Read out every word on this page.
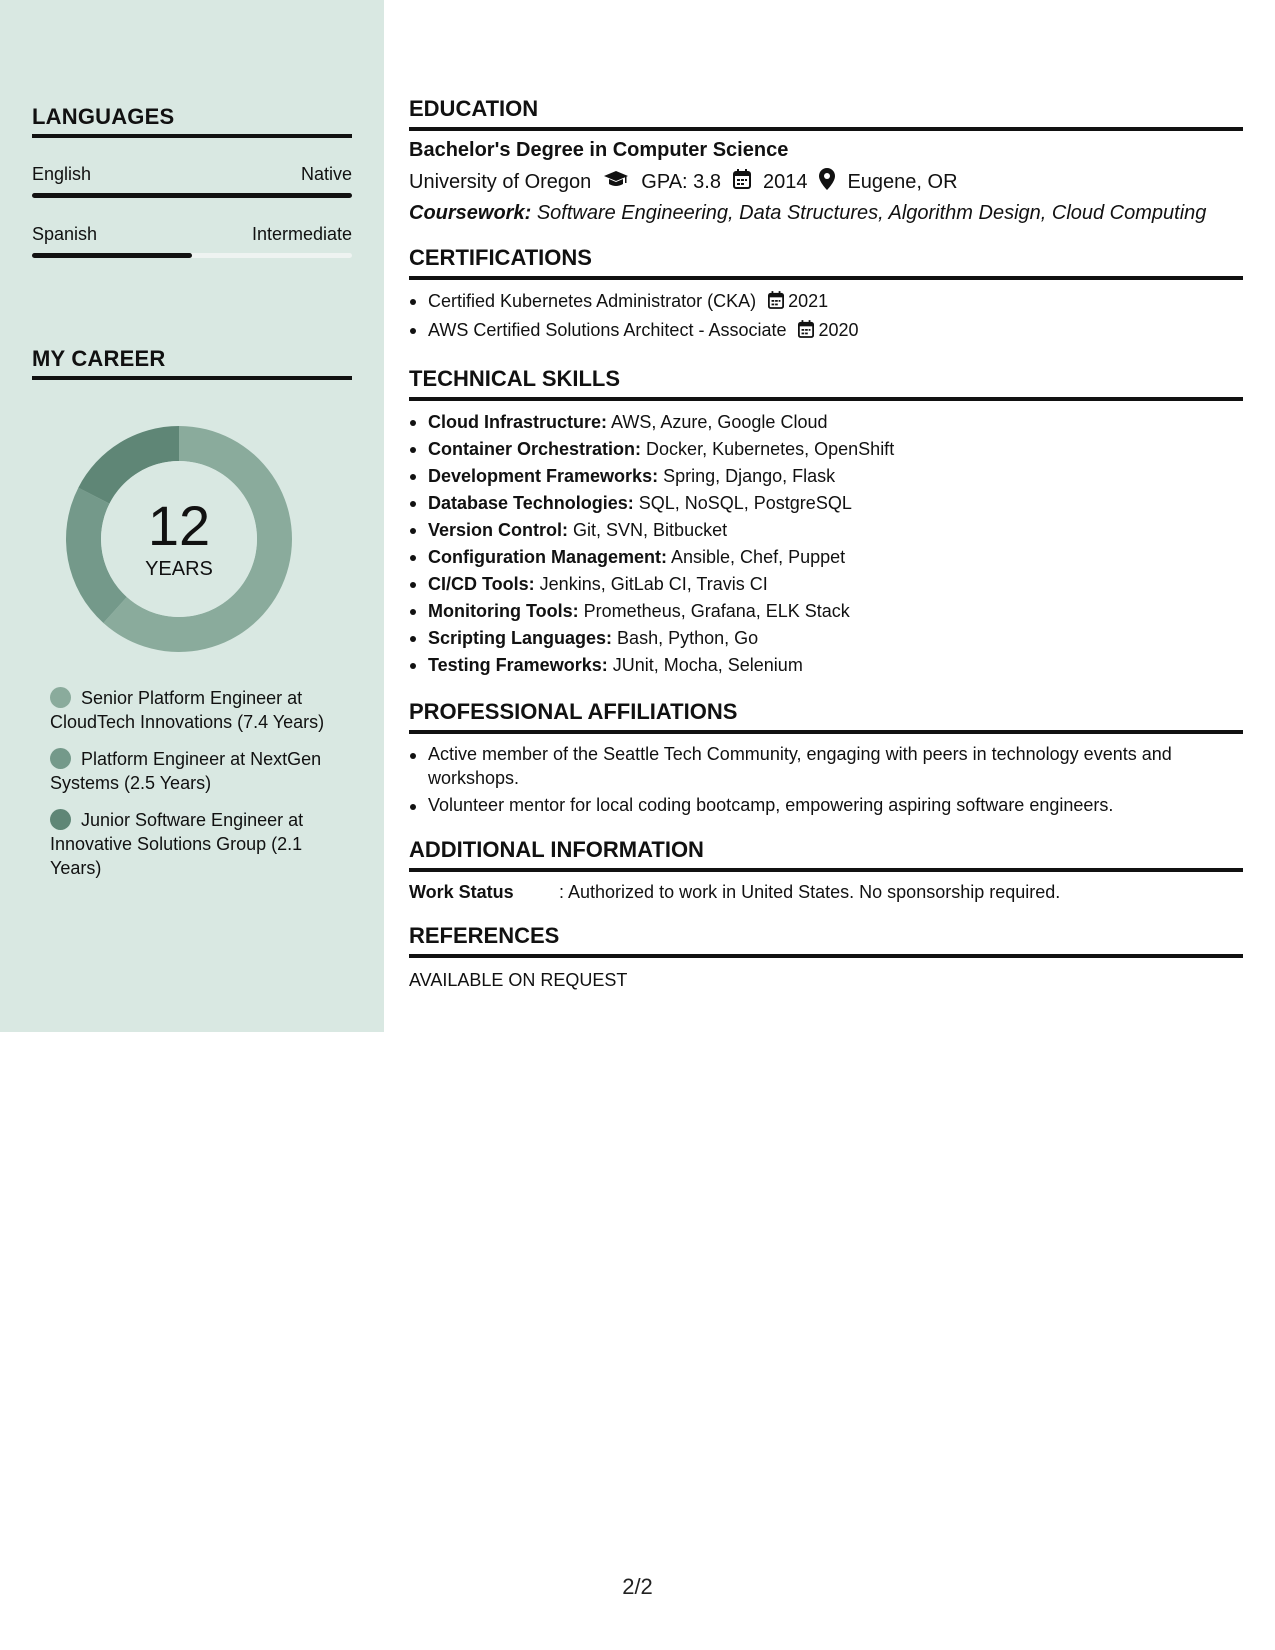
LANGUAGES
English	Native
Spanish	Intermediate
MY CAREER
12
YEARS
Senior Platform Engineer at CloudTech Innovations (7.4 Years)
Platform Engineer at NextGen Systems (2.5 Years)
Junior Software Engineer at Innovative Solutions Group (2.1 Years)
EDUCATION
Bachelor's Degree in Computer Science
University of Oregon	GPA: 3.8 2014 Eugene, OR
Coursework: Software Engineering, Data Structures, Algorithm Design, Cloud Computing
CERTIFICATIONS
Certified Kubernetes Administrator (CKA) 2021
AWS Certified Solutions Architect - Associate 2020
TECHNICAL SKILLS
Cloud Infrastructure: AWS, Azure, Google Cloud
Container Orchestration: Docker, Kubernetes, OpenShift
Development Frameworks: Spring, Django, Flask
Database Technologies: SQL, NoSQL, PostgreSQL
Version Control: Git, SVN, Bitbucket
Configuration Management: Ansible, Chef, Puppet
CI/CD Tools: Jenkins, GitLab CI, Travis CI
Monitoring Tools: Prometheus, Grafana, ELK Stack
Scripting Languages: Bash, Python, Go
Testing Frameworks: JUnit, Mocha, Selenium
PROFESSIONAL AFFILIATIONS
Active member of the Seattle Tech Community, engaging with peers in technology events and workshops.
Volunteer mentor for local coding bootcamp, empowering aspiring software engineers.
ADDITIONAL INFORMATION
Work Status	: Authorized to work in United States. No sponsorship required.
REFERENCES
AVAILABLE ON REQUEST
2/2
